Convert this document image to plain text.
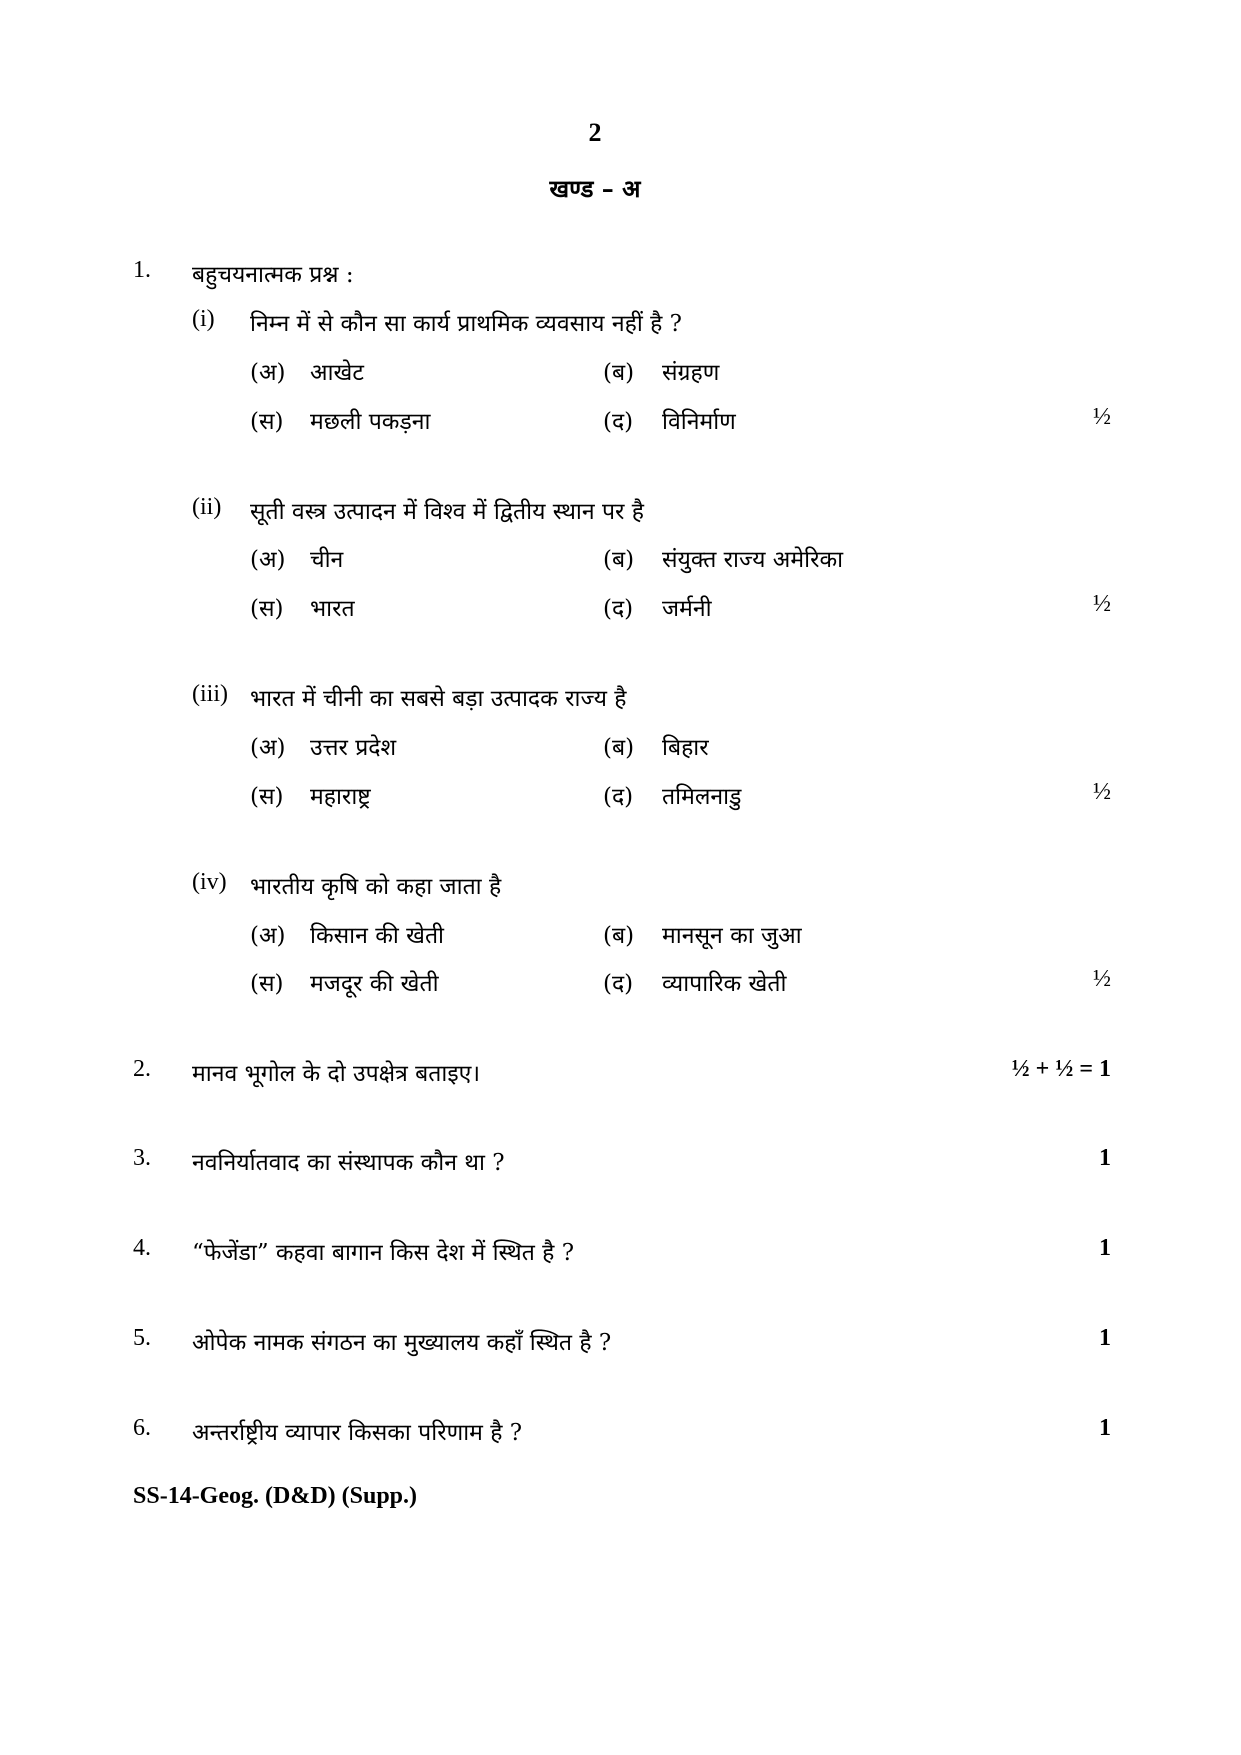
2
खण्ड – अ
1. बहुचयनात्मक प्रश्न :
(i) निम्न में से कौन सा कार्य प्राथमिक व्यवसाय नहीं है ?
(अ) आखेट	(ब) संग्रहण
(स) मछली पकड़ना	(द) विनिर्माण	½
(ii) सूती वस्त्र उत्पादन में विश्व में द्वितीय स्थान पर है
(अ) चीन	(ब) संयुक्त राज्य अमेरिका
(स) भारत	(द) जर्मनी	½
(iii) भारत में चीनी का सबसे बड़ा उत्पादक राज्य है
(अ) उत्तर प्रदेश	(ब) बिहार
(स) महाराष्ट्र	(द) तमिलनाडु	½
(iv) भारतीय कृषि को कहा जाता है
(अ) किसान की खेती	(ब) मानसून का जुआ
(स) मजदूर की खेती	(द) व्यापारिक खेती	½
2. मानव भूगोल के दो उपक्षेत्र बताइए।	½ + ½ = 1
3. नवनिर्यातवाद का संस्थापक कौन था ?	1
4. “फेजेंडा” कहवा बागान किस देश में स्थित है ?	1
5. ओपेक नामक संगठन का मुख्यालय कहाँ स्थित है ?	1
6. अन्तर्राष्ट्रीय व्यापार किसका परिणाम है ?	1
SS-14-Geog. (D&D) (Supp.)
